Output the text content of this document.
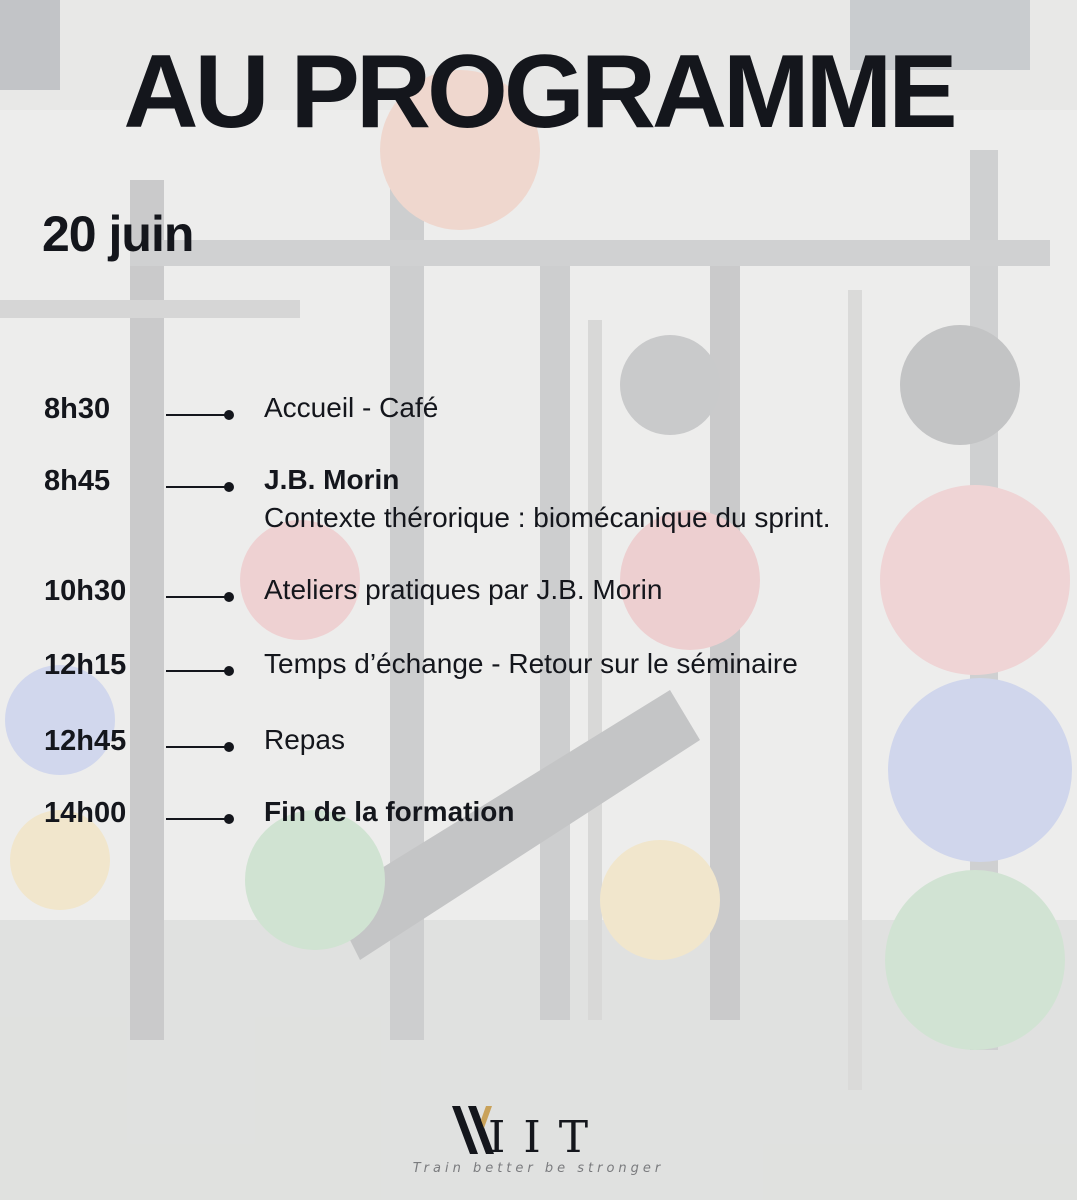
AU PROGRAMME
20 juin
8h30	Accueil - Café
8h45	J.B. Morin
Contexte thérorique : biomécanique du sprint.
10h30	Ateliers pratiques par J.B. Morin
12h15	Temps d’échange - Retour sur le séminaire
12h45	Repas
14h00	Fin de la formation
IIT
Train better be stronger
